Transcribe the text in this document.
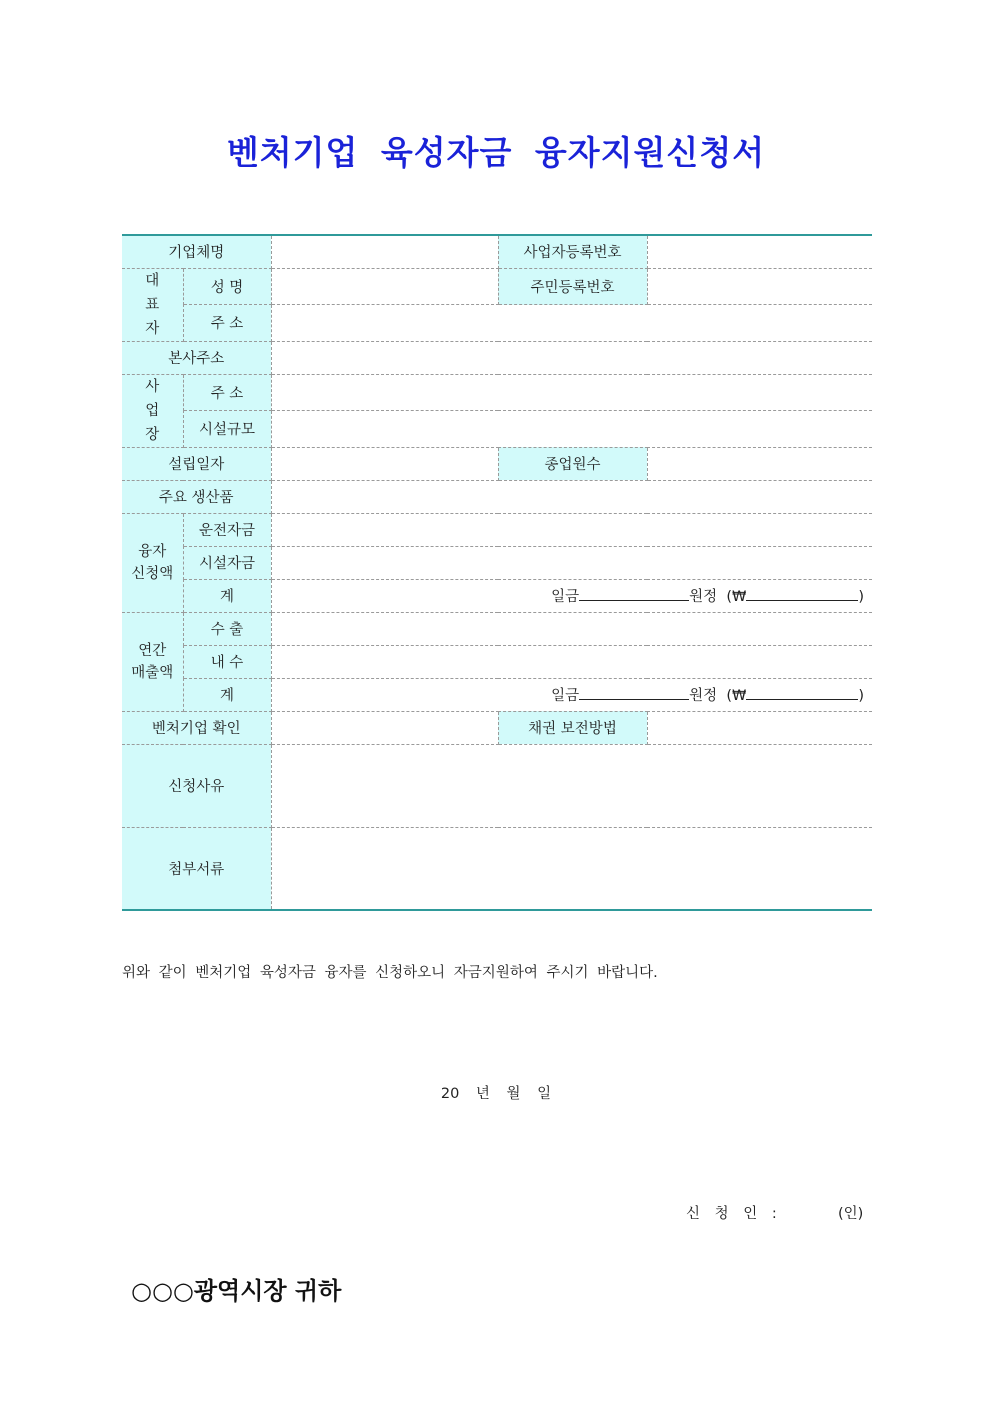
벤처기업 육성자금 융자지원신청서
기업체명			사업자등록번호	
대
표
자	성 명		주민등록번호	
	주 소			
본사주소				
사
업
장	주 소			
	시설규모			
설립일자			종업원수	
주요 생산품				
융자
신청액	운전자금			
	시설자금			
	계	일금 원정  (₩ )		
연간
매출액	수 출			
	내 수			
	계	일금 원정  (₩ )		
벤처기업 확인			채권 보전방법	
신청사유				
첨부서류				
위와 같이 벤처기업 육성자금 융자를 신청하오니 자금지원하여 주시기 바랍니다.
20 년 월 일
신 청 인 :	(인)
○○○광역시장 귀하
